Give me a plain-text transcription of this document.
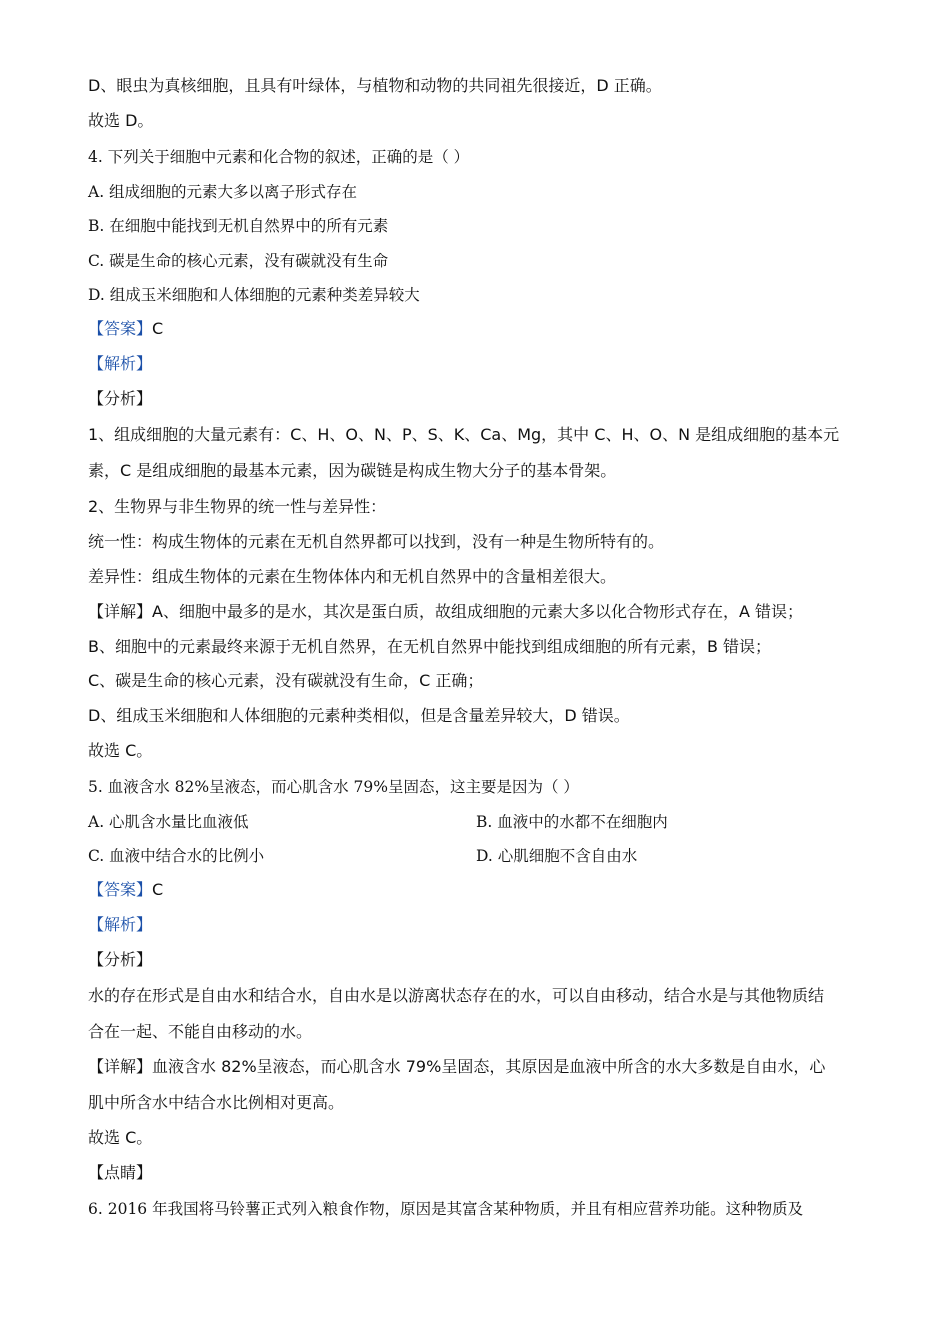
D、眼虫为真核细胞，且具有叶绿体，与植物和动物的共同祖先很接近，D 正确。
故选 D。
4. 下列关于细胞中元素和化合物的叙述，正确的是（ ）
A. 组成细胞的元素大多以离子形式存在
B. 在细胞中能找到无机自然界中的所有元素
C. 碳是生命的核心元素，没有碳就没有生命
D. 组成玉米细胞和人体细胞的元素种类差异较大
【答案】C
【解析】
【分析】
1、组成细胞的大量元素有：C、H、O、N、P、S、K、Ca、Mg，其中 C、H、O、N 是组成细胞的基本元
素，C 是组成细胞的最基本元素，因为碳链是构成生物大分子的基本骨架。
2、生物界与非生物界的统一性与差异性：
统一性：构成生物体的元素在无机自然界都可以找到，没有一种是生物所特有的。
差异性：组成生物体的元素在生物体体内和无机自然界中的含量相差很大。
【详解】A、细胞中最多的是水，其次是蛋白质，故组成细胞的元素大多以化合物形式存在，A 错误；
B、细胞中的元素最终来源于无机自然界，在无机自然界中能找到组成细胞的所有元素，B 错误；
C、碳是生命的核心元素，没有碳就没有生命，C 正确；
D、组成玉米细胞和人体细胞的元素种类相似，但是含量差异较大，D 错误。
故选 C。
5. 血液含水 82%呈液态，而心肌含水 79%呈固态，这主要是因为（ ）
A. 心肌含水量比血液低	B. 血液中的水都不在细胞内
C. 血液中结合水的比例小	D. 心肌细胞不含自由水
【答案】C
【解析】
【分析】
水的存在形式是自由水和结合水，自由水是以游离状态存在的水，可以自由移动，结合水是与其他物质结
合在一起、不能自由移动的水。
【详解】血液含水 82%呈液态，而心肌含水 79%呈固态，其原因是血液中所含的水大多数是自由水，心
肌中所含水中结合水比例相对更高。
故选 C。
【点睛】
6. 2016 年我国将马铃薯正式列入粮食作物，原因是其富含某种物质，并且有相应营养功能。这种物质及
